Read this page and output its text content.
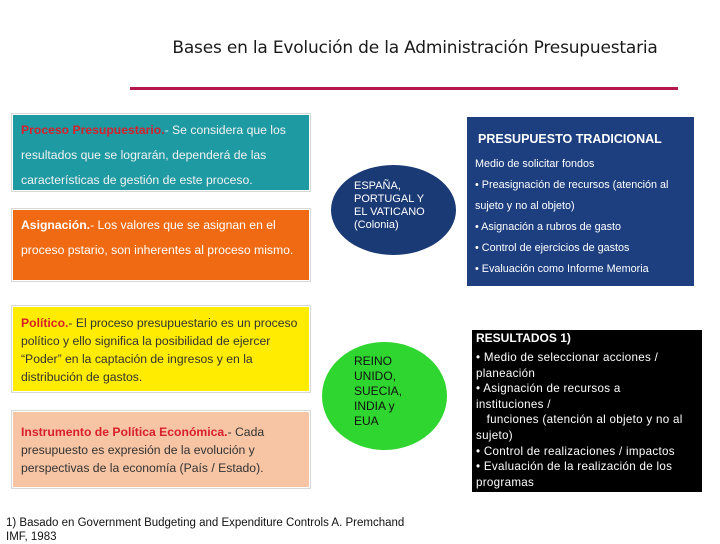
Bases en la Evolución de la Administración Presupuestaria
Proceso Presupuestario.- Se considera que los resultados que se lograrán, dependerá de las características de gestión de este proceso.
Asignación.- Los valores que se asignan en el proceso pstario, son inherentes al proceso mismo.
Político.- El proceso presupuestario es un proceso político y ello significa la posibilidad de ejercer “Poder” en la captación de ingresos y en la distribución de gastos.
Instrumento de Política Económica.- Cada presupuesto es expresión de la evolución y perspectivas de la economía (País / Estado).
ESPAÑA,
PORTUGAL Y
EL VATICANO
(Colonia)
REINO
UNIDO,
SUECIA,
INDIA y
EUA
PRESUPUESTO TRADICIONAL
Medio de solicitar fondos
• Preasignación de recursos (atención al
sujeto y no al objeto)
• Asignación a rubros de gasto
• Control de ejercicios de gastos
• Evaluación como Informe Memoria
PRESUPUESTO POR
RESULTADOS 1)
• Medio de seleccionar acciones /
planeación
• Asignación de recursos a
instituciones /
funciones (atención al objeto y no al
sujeto)
• Control de realizaciones / impactos
• Evaluación de la realización de los
programas
1) Basado en Government Budgeting and Expenditure Controls A. Premchand IMF, 1983
